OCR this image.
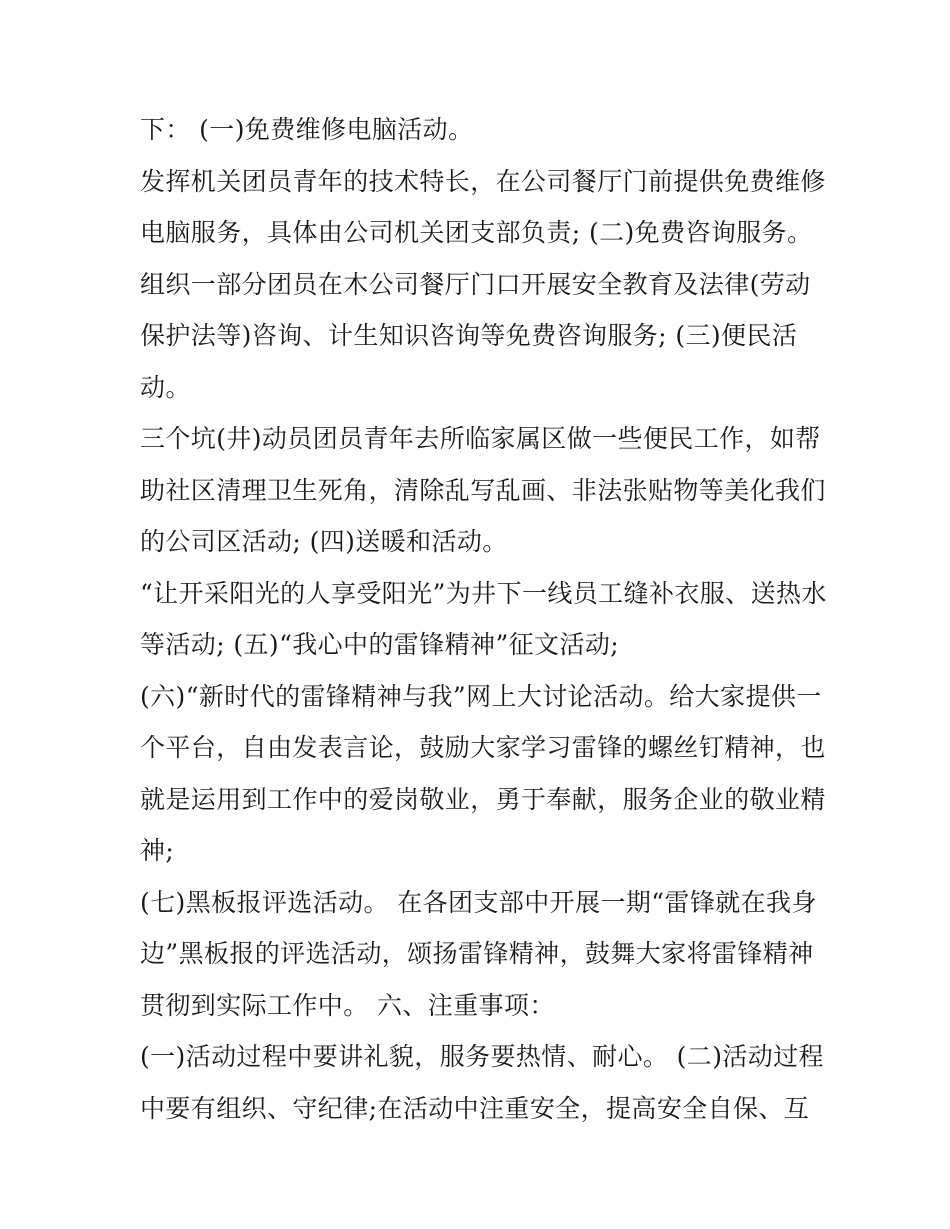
下： (一)免费维修电脑活动。
发挥机关团员青年的技术特长，在公司餐厅门前提供免费维修
电脑服务，具体由公司机关团支部负责; (二)免费咨询服务。
组织一部分团员在木公司餐厅门口开展安全教育及法律(劳动
保护法等)咨询、计生知识咨询等免费咨询服务; (三)便民活
动。
三个坑(井)动员团员青年去所临家属区做一些便民工作，如帮
助社区清理卫生死角，清除乱写乱画、非法张贴物等美化我们
的公司区活动; (四)送暖和活动。
“让开采阳光的人享受阳光”为井下一线员工缝补衣服、送热水
等活动; (五)“我心中的雷锋精神”征文活动;
(六)“新时代的雷锋精神与我”网上大讨论活动。给大家提供一
个平台，自由发表言论，鼓励大家学习雷锋的螺丝钉精神，也
就是运用到工作中的爱岗敬业，勇于奉献，服务企业的敬业精
神;
(七)黑板报评选活动。 在各团支部中开展一期“雷锋就在我身
边”黑板报的评选活动，颂扬雷锋精神，鼓舞大家将雷锋精神
贯彻到实际工作中。 六、注重事项：
(一)活动过程中要讲礼貌，服务要热情、耐心。 (二)活动过程
中要有组织、守纪律;在活动中注重安全，提高安全自保、互
